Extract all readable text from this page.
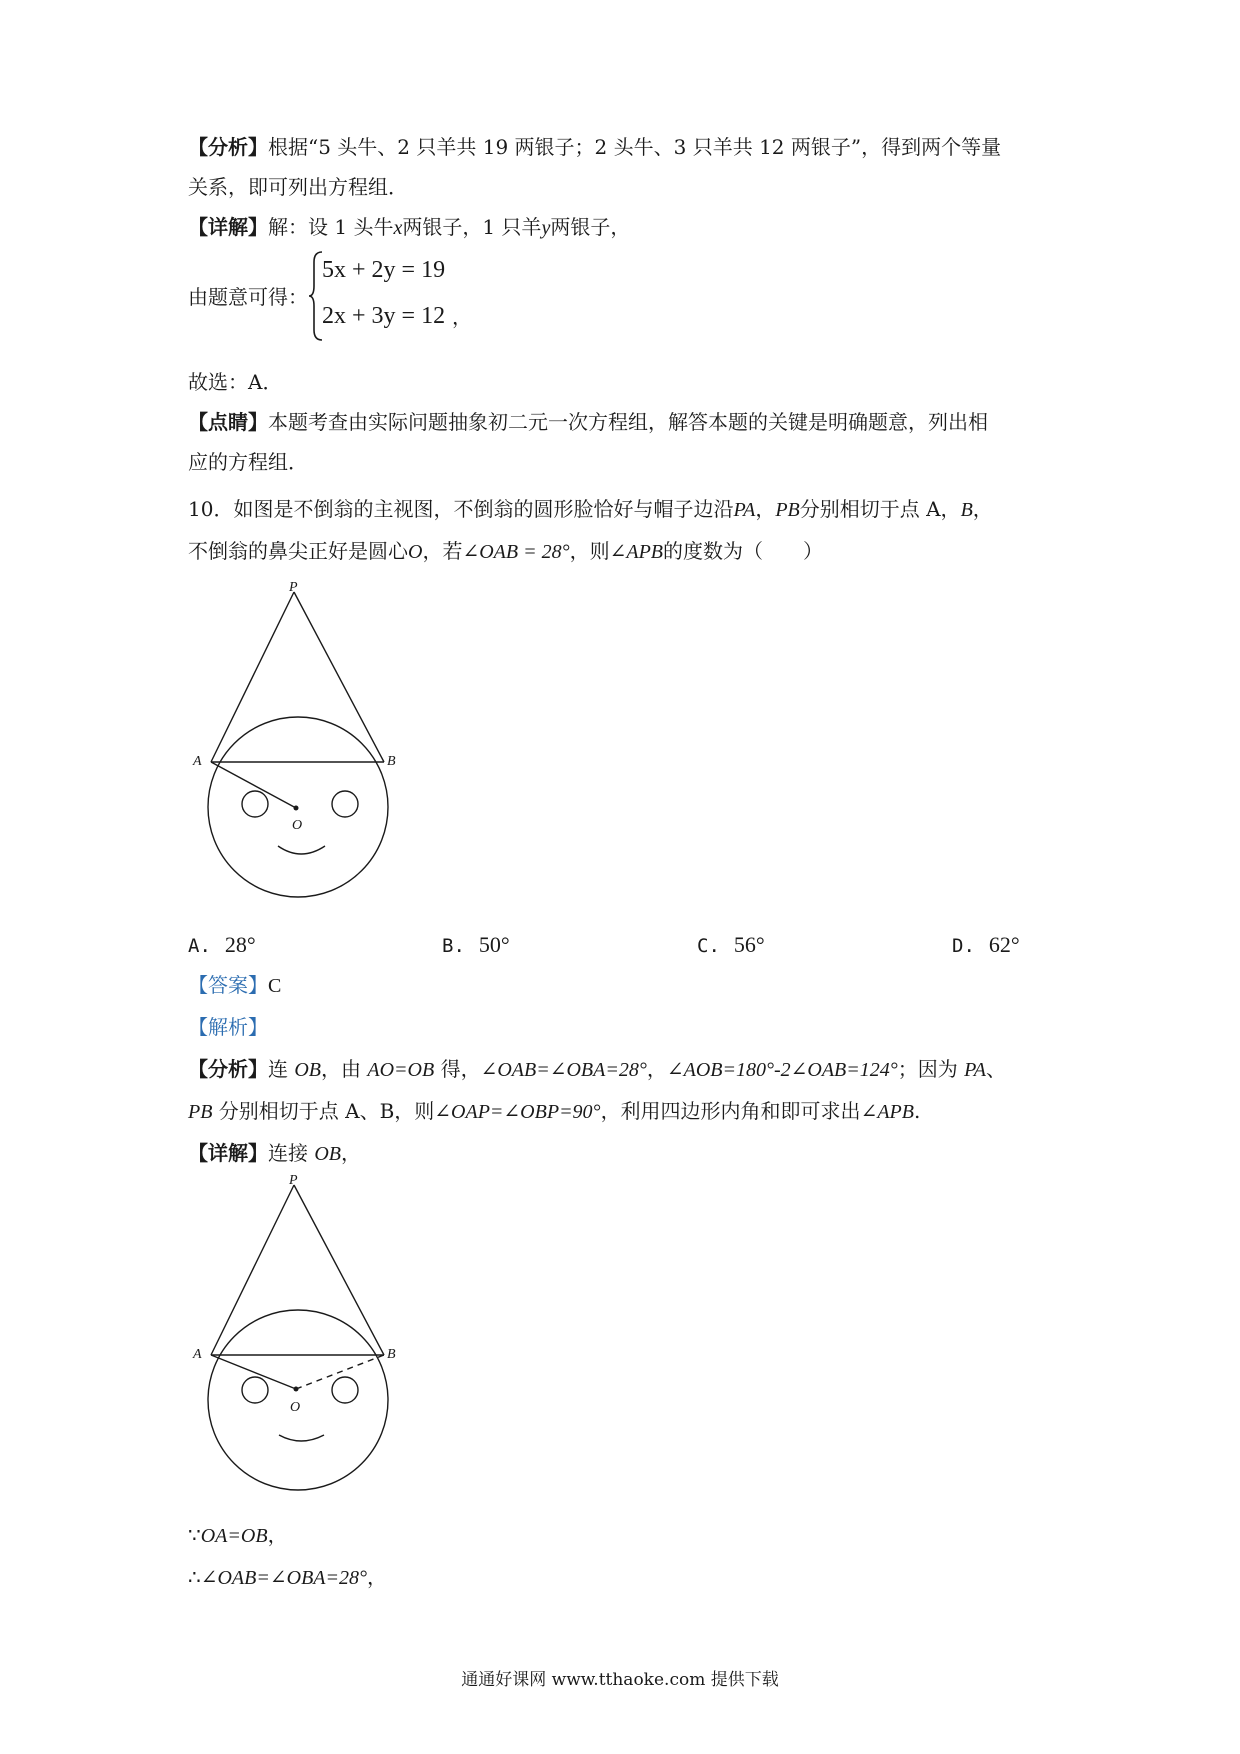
【分析】根据“5 头牛、2 只羊共 19 两银子；2 头牛、3 只羊共 12 两银子”，得到两个等量
关系，即可列出方程组．
【详解】解：设 1 头牛x两银子，1 只羊y两银子，
由题意可得：
5x + 2y = 19
2x + 3y = 12 ，
故选：A．
【点睛】本题考查由实际问题抽象初二元一次方程组，解答本题的关键是明确题意，列出相
应的方程组．
10．如图是不倒翁的主视图，不倒翁的圆形脸恰好与帽子边沿PA，PB分别相切于点 A，B，
不倒翁的鼻尖正好是圆心O，若∠OAB = 28°，则∠APB的度数为（　　）
P
A	B
O
A. 28°	B. 50°	C. 56°	D. 62°
【答案】C
【解析】
【分析】连 OB，由 AO=OB 得，∠OAB=∠OBA=28°，∠AOB=180°-2∠OAB=124°；因为 PA、
PB 分别相切于点 A、B，则∠OAP=∠OBP=90°，利用四边形内角和即可求出∠APB.
【详解】连接 OB，
P
A	B
O
∵OA=OB，
∴∠OAB=∠OBA=28°，
通通好课网 www.tthaoke.com 提供下载
